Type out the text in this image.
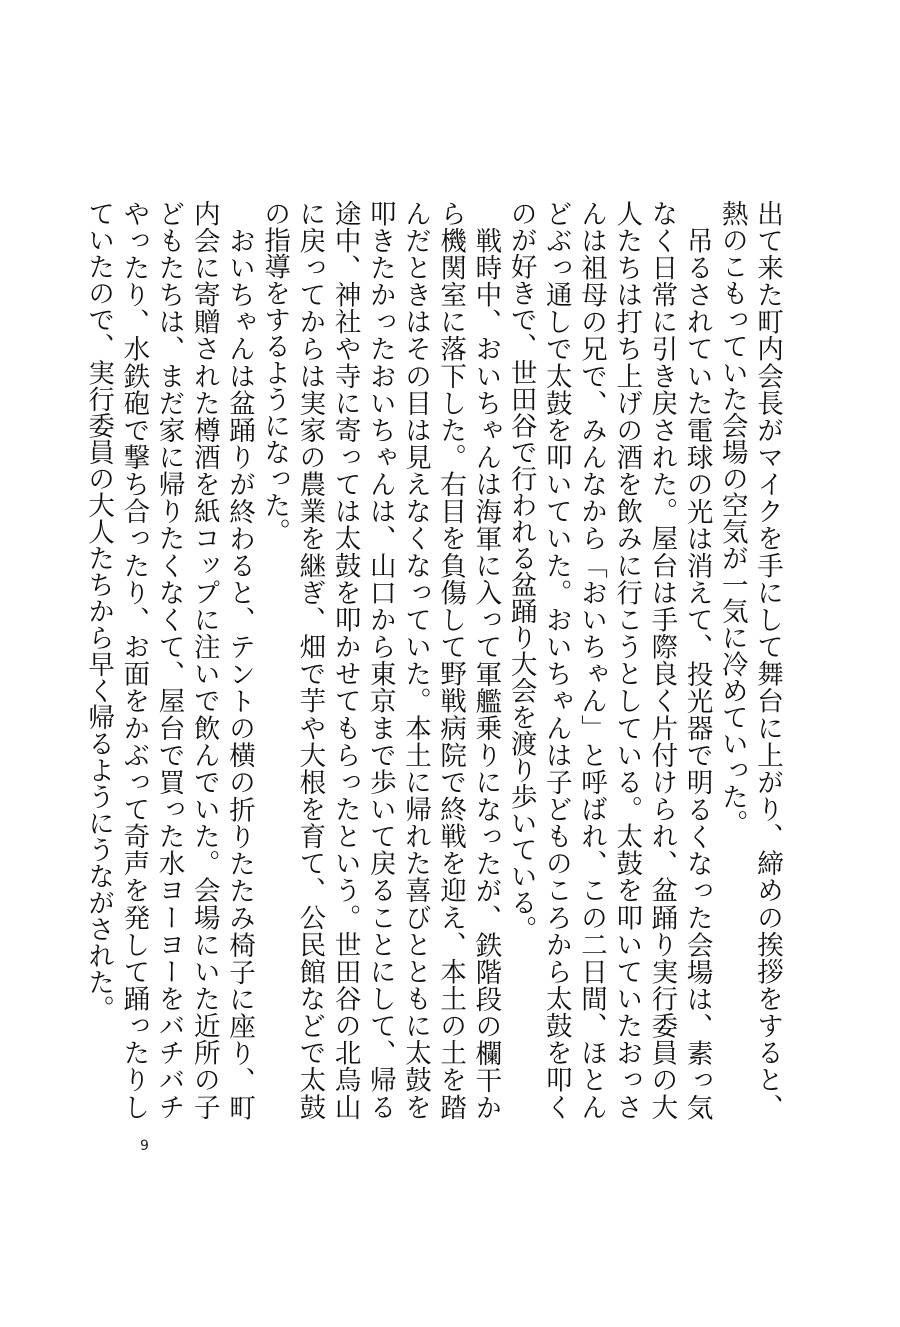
出て来た町内会長がマイクを手にして舞台に上がり、締めの挨拶をすると、熱のこもっていた会場の空気が一気に冷めていった。

吊るされていた電球の光は消えて、投光器で明るくなった会場は、素っ気なく日常に引き戻された。屋台は手際良く片付けられ、盆踊り実行委員の大人たちは打ち上げの酒を飲みに行こうとしている。太鼓を叩いていたおっさんは祖母の兄で、みんなから「おいちゃん」と呼ばれ、この二日間、ほとんどぶっ通しで太鼓を叩いていた。おいちゃんは子どものころから太鼓を叩くのが好きで、世田谷で行われる盆踊り大会を渡り歩いている。

戦時中、おいちゃんは海軍に入って軍艦乗りになったが、鉄階段の欄干から機関室に落下した。右目を負傷して野戦病院で終戦を迎え、本土の土を踏んだときはその目は見えなくなっていた。本土に帰れた喜びとともに太鼓を叩きたかったおいちゃんは、山口から東京まで歩いて戻ることにして、帰る途中、神社や寺に寄っては太鼓を叩かせてもらったという。世田谷の北烏山に戻ってからは実家の農業を継ぎ、畑で芋や大根を育て、公民館などで太鼓の指導をするようになった。

おいちゃんは盆踊りが終わると、テントの横の折りたたみ椅子に座り、町内会に寄贈された樽酒を紙コップに注いで飲んでいた。会場にいた近所の子どもたちは、まだ家に帰りたくなくて、屋台で買った水ヨーヨーをバチバチやったり、水鉄砲で撃ち合ったり、お面をかぶって奇声を発して踊ったりしていたので、実行委員の大人たちから早く帰るようにうながされた。

9
